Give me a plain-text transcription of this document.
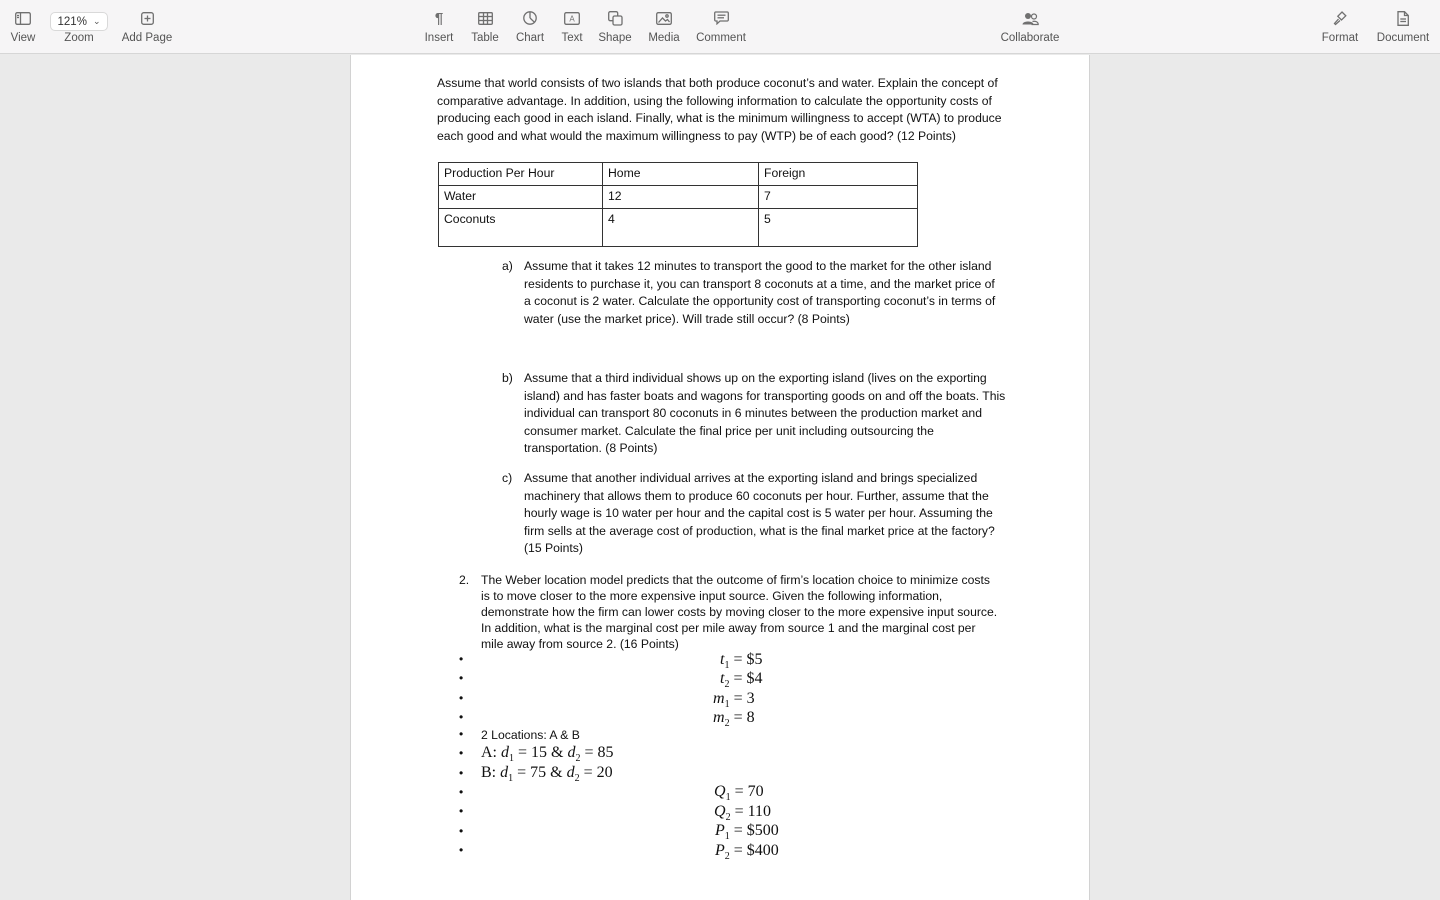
View
121% ⌄
Zoom Add Page
¶
Insert Table Chart
A
Text Shape Media Comment	Collaborate	Format Document

Assume that world consists of two islands that both produce coconut’s and water. Explain the concept of comparative advantage. In addition, using the following information to calculate the opportunity costs of producing each good in each island. Finally, what is the minimum willingness to accept (WTA) to produce each good and what would the maximum willingness to pay (WTP) be of each good? (12 Points)

Production Per Hour	Home	Foreign
Water	12	7
Coconuts	4	5
a) Assume that it takes 12 minutes to transport the good to the market for the other island
residents to purchase it, you can transport 8 coconuts at a time, and the market price of
a coconut is 2 water. Calculate the opportunity cost of transporting coconut’s in terms of
water (use the market price). Will trade still occur? (8 Points)
b) Assume that a third individual shows up on the exporting island (lives on the exporting
island) and has faster boats and wagons for transporting goods on and off the boats. This
individual can transport 80 coconuts in 6 minutes between the production market and
consumer market. Calculate the final price per unit including outsourcing the
transportation. (8 Points)
c) Assume that another individual arrives at the exporting island and brings specialized
machinery that allows them to produce 60 coconuts per hour. Further, assume that the
hourly wage is 10 water per hour and the capital cost is 5 water per hour. Assuming the
firm sells at the average cost of production, what is the final market price at the factory?
(15 Points)
2. The Weber location model predicts that the outcome of firm’s location choice to minimize costs
is to move closer to the more expensive input source. Given the following information,
demonstrate how the firm can lower costs by moving closer to the more expensive input source.
In addition, what is the marginal cost per mile away from source 1 and the marginal cost per
mile away from source 2. (16 Points)
•
•
•
•
•
•
•
•
•
•
•
$t_1$ = $5
$t_2$ = $4
$m_1 = 3$
$m_2 = 8$
2 Locations: A & B
A: $d_1 = 15$ & $d_2 = 85$
B: $d_1 = 75$ & $d_2 = 20$
$Q_1 = 70$
$Q_2 = 110$
$P_1$ = $500
$P_2$ = $400
